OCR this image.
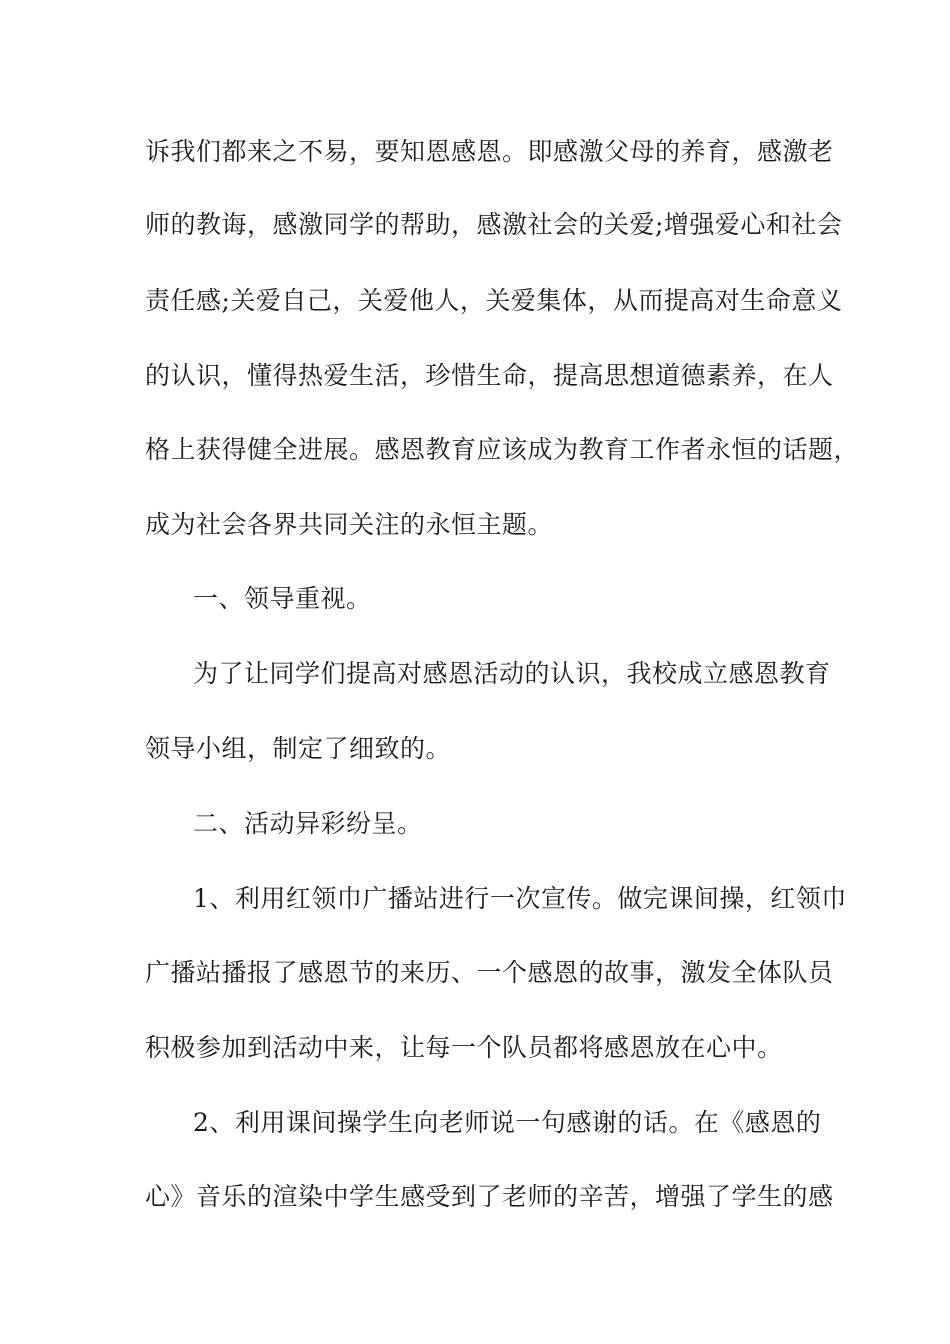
诉我们都来之不易，要知恩感恩。即感激父母的养育，感激老
师的教诲，感激同学的帮助，感激社会的关爱;增强爱心和社会
责任感;关爱自己，关爱他人，关爱集体，从而提高对生命意义
的认识，懂得热爱生活，珍惜生命，提高思想道德素养，在人
格上获得健全进展。感恩教育应该成为教育工作者永恒的话题，
成为社会各界共同关注的永恒主题。
一、领导重视。
为了让同学们提高对感恩活动的认识，我校成立感恩教育
领导小组，制定了细致的。
二、活动异彩纷呈。
1、利用红领巾广播站进行一次宣传。做完课间操，红领巾
广播站播报了感恩节的来历、一个感恩的故事，激发全体队员
积极参加到活动中来，让每一个队员都将感恩放在心中。
2、利用课间操学生向老师说一句感谢的话。在《感恩的
心》音乐的渲染中学生感受到了老师的辛苦，增强了学生的感
